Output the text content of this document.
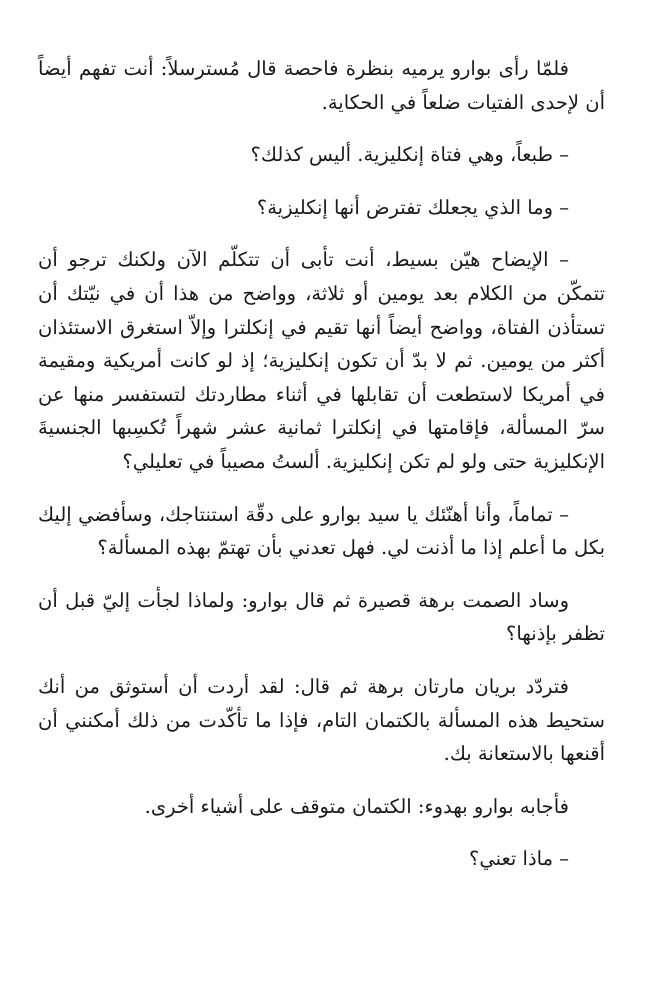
فلمّا رأى بوارو يرميه بنظرة فاحصة قال مُسترسلاً: أنت تفهم أيضاً أن لإحدى الفتيات ضلعاً في الحكاية.

– طبعاً، وهي فتاة إنكليزية. أليس كذلك؟

– وما الذي يجعلك تفترض أنها إنكليزية؟

– الإيضاح هيّن بسيط، أنت تأبى أن تتكلّم الآن ولكنك ترجو أن تتمكّن من الكلام بعد يومين أو ثلاثة، وواضح من هذا أن في نيّتك أن تستأذن الفتاة، وواضح أيضاً أنها تقيم في إنكلترا وإلاّ استغرق الاستئذان أكثر من يومين. ثم لا بدّ أن تكون إنكليزية؛ إذ لو كانت أمريكية ومقيمة في أمريكا لاستطعت أن تقابلها في أثناء مطاردتك لتستفسر منها عن سرّ المسألة، فإقامتها في إنكلترا ثمانية عشر شهراً تُكسِبها الجنسيةَ الإنكليزية حتى ولو لم تكن إنكليزية. ألستُ مصيباً في تعليلي؟

– تماماً، وأنا أهنّئك يا سيد بوارو على دقّة استنتاجك، وسأفضي إليك بكل ما أعلم إذا ما أذنت لي. فهل تعدني بأن تهتمّ بهذه المسألة؟

وساد الصمت برهة قصيرة ثم قال بوارو: ولماذا لجأت إليّ قبل أن تظفر بإذنها؟

فتردّد بريان مارتان برهة ثم قال: لقد أردت أن أستوثق من أنك ستحيط هذه المسألة بالكتمان التام، فإذا ما تأكّدت من ذلك أمكنني أن أقنعها بالاستعانة بك.

فأجابه بوارو بهدوء: الكتمان متوقف على أشياء أخرى.

– ماذا تعني؟
